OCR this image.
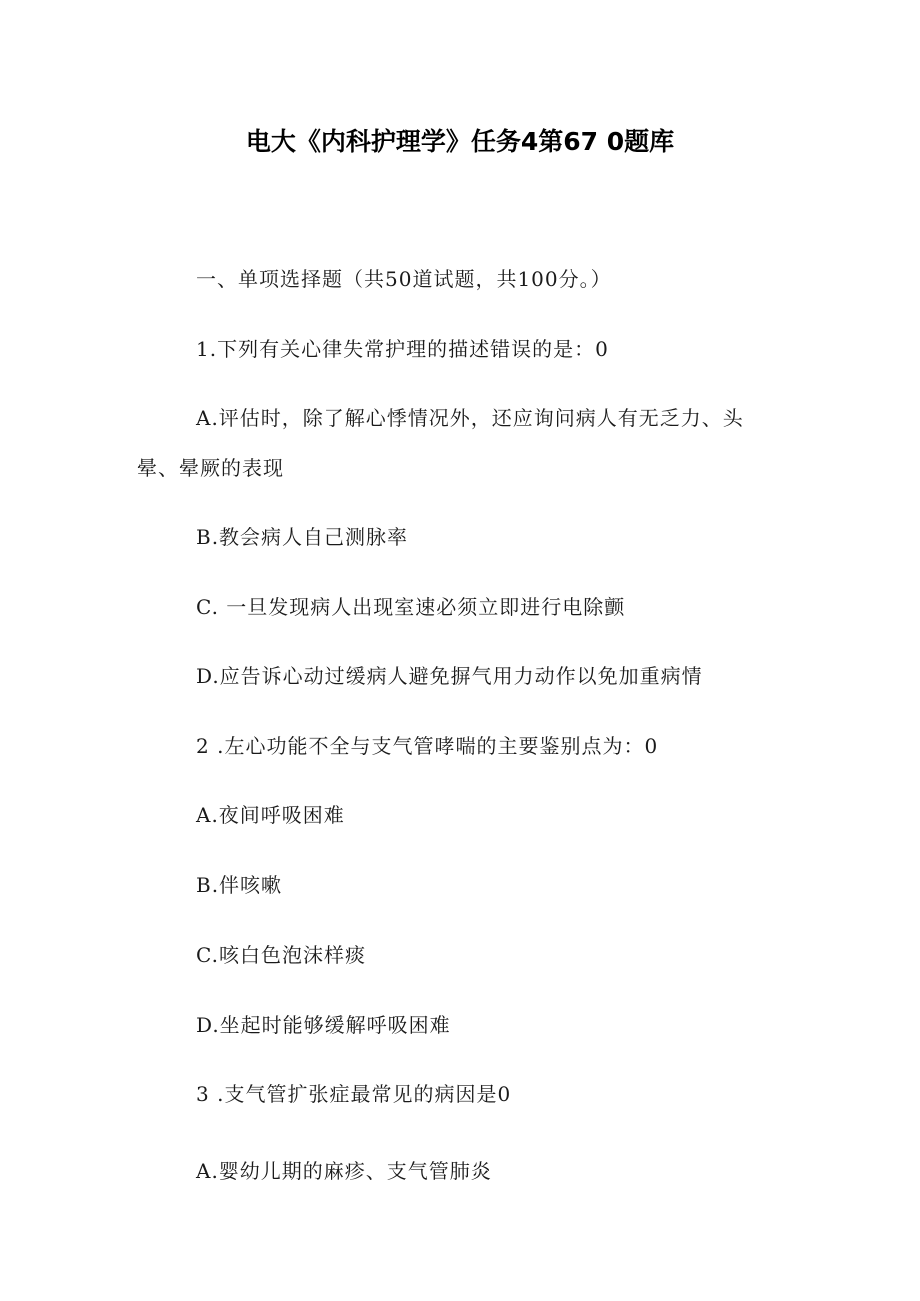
电大《内科护理学》任务4第67 0题库
一、单项选择题（共50道试题，共100分。）
1.下列有关心律失常护理的描述错误的是：0
A.评估时，除了解心悸情况外，还应询问病人有无乏力、头
晕、晕厥的表现
B.教会病人自己测脉率
C. 一旦发现病人出现室速必须立即进行电除颤
D.应告诉心动过缓病人避免摒气用力动作以免加重病情
2 .左心功能不全与支气管哮喘的主要鉴别点为：0
A.夜间呼吸困难
B.伴咳嗽
C.咳白色泡沫样痰
D.坐起时能够缓解呼吸困难
3 .支气管扩张症最常见的病因是0
A.婴幼儿期的麻疹、支气管肺炎
